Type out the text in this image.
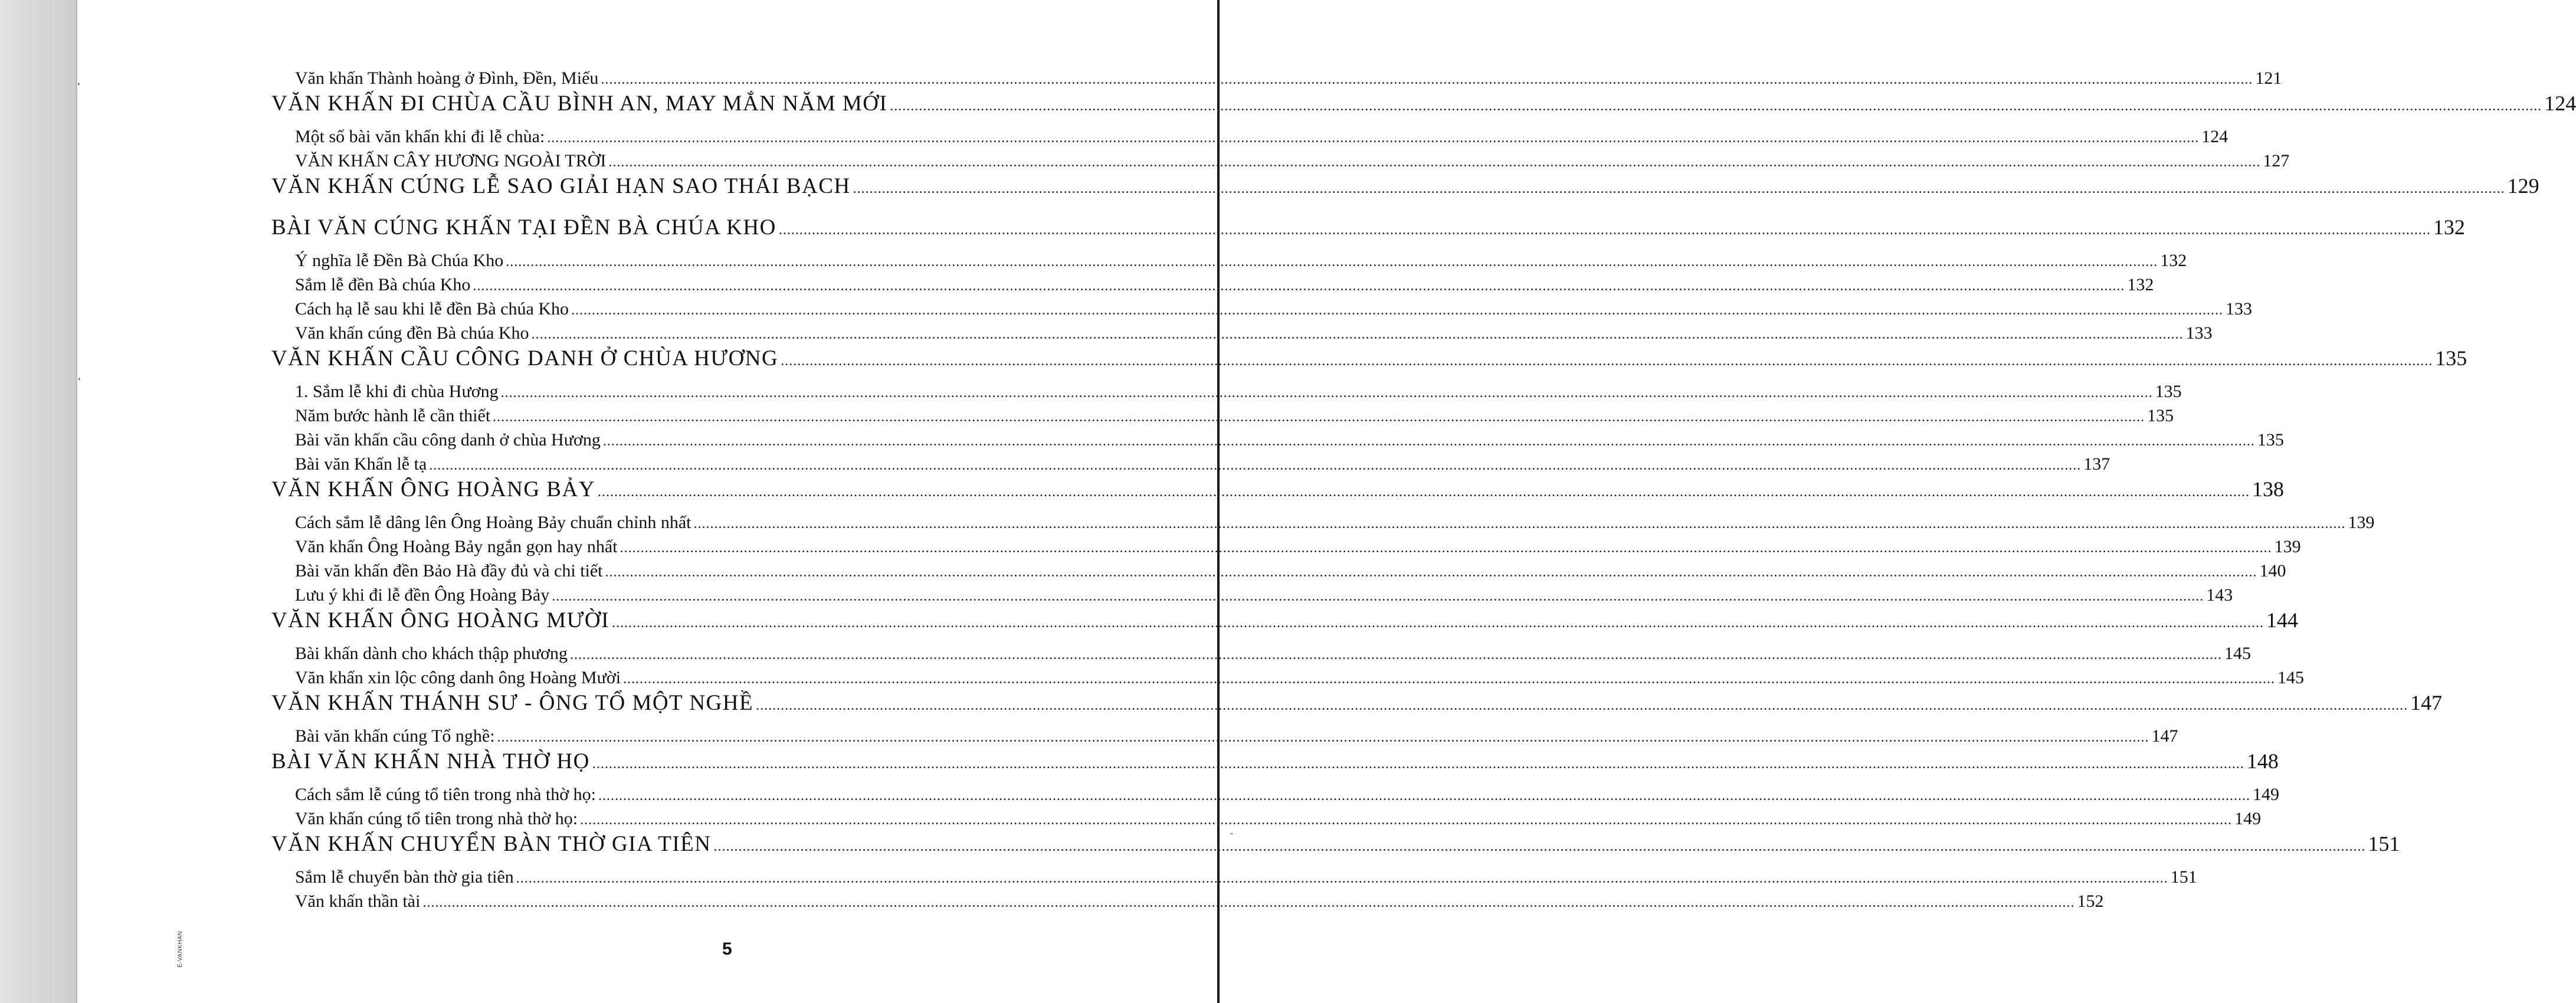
E-VANKHAN
Văn khấn Thành hoàng ở Đình, Đền, Miếu ................................................................................................................................................................................................................................................................................................................................................................................................................ 121
VĂN KHẤN ĐI CHÙA CẦU BÌNH AN, MAY MẮN NĂM MỚI ................................................................................................................................................................................................................................................................................................................................................................................................................ 124
Một số bài văn khấn khi đi lễ chùa: ................................................................................................................................................................................................................................................................................................................................................................................................................ 124
VĂN KHẤN CÂY HƯƠNG NGOÀI TRỜI ................................................................................................................................................................................................................................................................................................................................................................................................................ 127
VĂN KHẤN CÚNG LỄ SAO GIẢI HẠN SAO THÁI BẠCH ................................................................................................................................................................................................................................................................................................................................................................................................................ 129
BÀI VĂN CÚNG KHẤN TẠI ĐỀN BÀ CHÚA KHO ................................................................................................................................................................................................................................................................................................................................................................................................................ 132
Ý nghĩa lễ Đền Bà Chúa Kho ................................................................................................................................................................................................................................................................................................................................................................................................................ 132
Sắm lễ đền Bà chúa Kho ................................................................................................................................................................................................................................................................................................................................................................................................................ 132
Cách hạ lễ sau khi lễ đền Bà chúa Kho ................................................................................................................................................................................................................................................................................................................................................................................................................ 133
Văn khấn cúng đền Bà chúa Kho ................................................................................................................................................................................................................................................................................................................................................................................................................ 133
VĂN KHẤN CẦU CÔNG DANH Ở CHÙA HƯƠNG ................................................................................................................................................................................................................................................................................................................................................................................................................ 135
1. Sắm lễ khi đi chùa Hương ................................................................................................................................................................................................................................................................................................................................................................................................................ 135
Năm bước hành lễ cần thiết ................................................................................................................................................................................................................................................................................................................................................................................................................ 135
Bài văn khấn cầu công danh ở chùa Hương ................................................................................................................................................................................................................................................................................................................................................................................................................ 135
Bài văn Khấn lễ tạ ................................................................................................................................................................................................................................................................................................................................................................................................................ 137
VĂN KHẤN ÔNG HOÀNG BẢY ................................................................................................................................................................................................................................................................................................................................................................................................................ 138
Cách sắm lễ dâng lên Ông Hoàng Bảy chuẩn chỉnh nhất ................................................................................................................................................................................................................................................................................................................................................................................................................ 139
Văn khấn Ông Hoàng Bảy ngắn gọn hay nhất ................................................................................................................................................................................................................................................................................................................................................................................................................ 139
Bài văn khấn đền Bảo Hà đầy đủ và chi tiết ................................................................................................................................................................................................................................................................................................................................................................................................................ 140
Lưu ý khi đi lễ đền Ông Hoàng Bảy ................................................................................................................................................................................................................................................................................................................................................................................................................ 143
VĂN KHẤN ÔNG HOÀNG MƯỜI ................................................................................................................................................................................................................................................................................................................................................................................................................ 144
Bài khấn dành cho khách thập phương ................................................................................................................................................................................................................................................................................................................................................................................................................ 145
Văn khấn xin lộc công danh ông Hoàng Mười ................................................................................................................................................................................................................................................................................................................................................................................................................ 145
VĂN KHẤN THÁNH SƯ - ÔNG TỔ MỘT NGHỀ ................................................................................................................................................................................................................................................................................................................................................................................................................ 147
Bài văn khấn cúng Tổ nghề: ................................................................................................................................................................................................................................................................................................................................................................................................................ 147
BÀI VĂN KHẤN NHÀ THỜ HỌ ................................................................................................................................................................................................................................................................................................................................................................................................................ 148
Cách sắm lễ cúng tổ tiên trong nhà thờ họ: ................................................................................................................................................................................................................................................................................................................................................................................................................ 149
Văn khấn cúng tổ tiên trong nhà thờ họ: ................................................................................................................................................................................................................................................................................................................................................................................................................ 149
VĂN KHẤN CHUYỂN BÀN THỜ GIA TIÊN ................................................................................................................................................................................................................................................................................................................................................................................................................ 151
Sắm lễ chuyển bàn thờ gia tiên ................................................................................................................................................................................................................................................................................................................................................................................................................ 151
Văn khấn thần tài ................................................................................................................................................................................................................................................................................................................................................................................................................ 152
5
